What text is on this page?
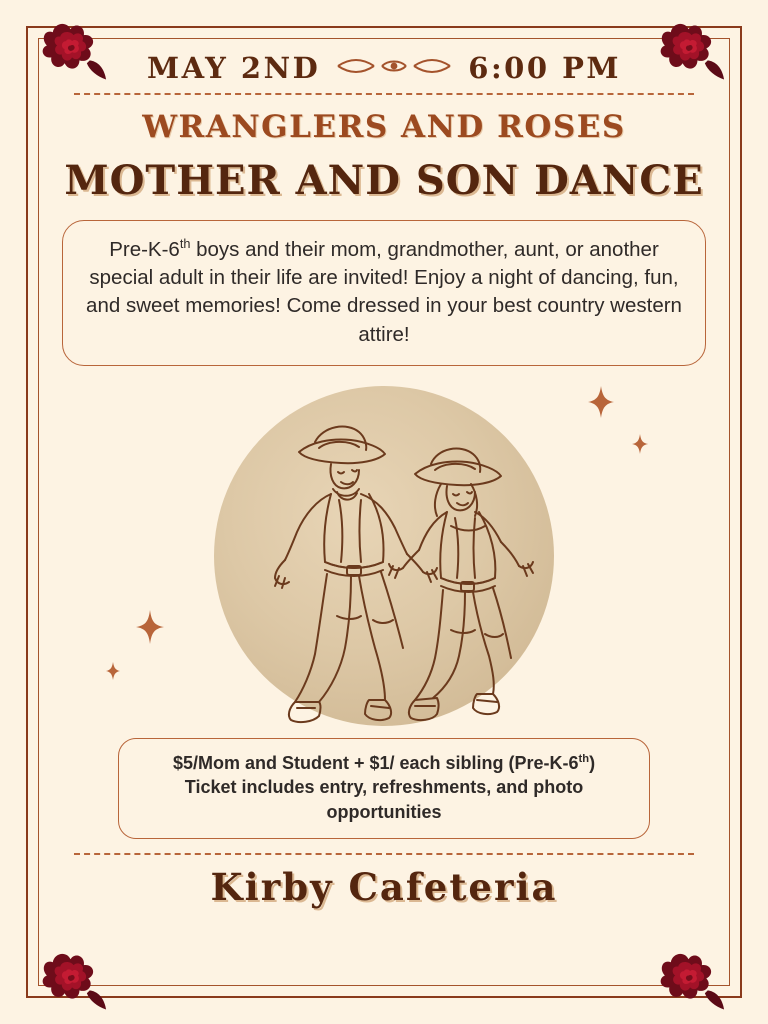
MAY 2ND	6:00 PM
WRANGLERS AND ROSES
MOTHER AND SON DANCE
Pre-K-6th boys and their mom, grandmother, aunt, or another special adult in their life are invited! Enjoy a night of dancing, fun, and sweet memories! Come dressed in your best country western attire!
$5/Mom and Student + $1/ each sibling (Pre-K-6th)
Ticket includes entry, refreshments, and photo opportunities
Kirby Cafeteria
